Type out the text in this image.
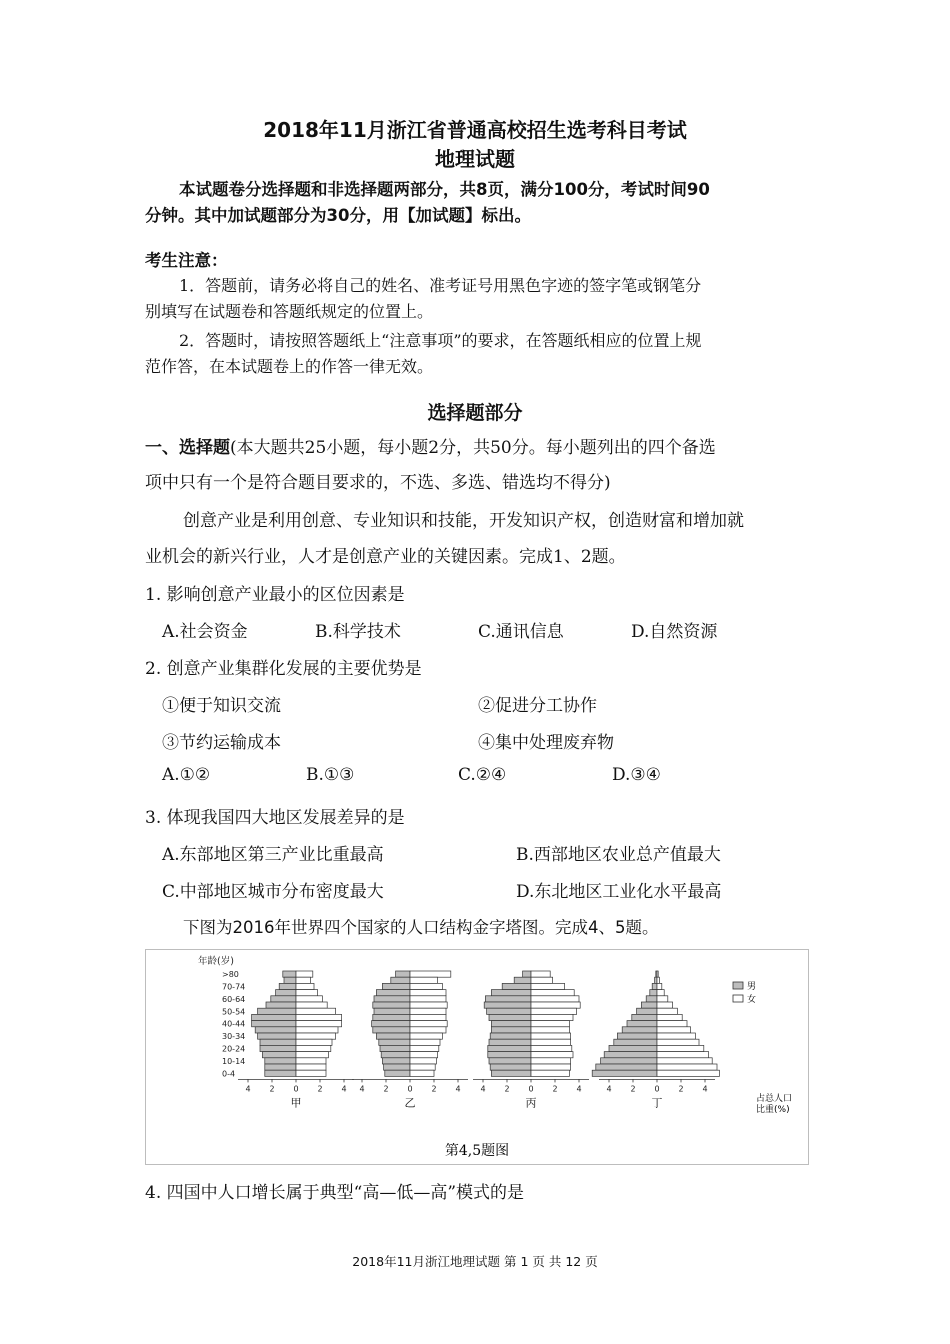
2018年11月浙江省普通高校招生选考科目考试
地理试题
本试题卷分选择题和非选择题两部分，共8页，满分100分，考试时间90
分钟。其中加试题部分为30分，用【加试题】标出。
考生注意：
1．答题前，请务必将自己的姓名、准考证号用黑色字迹的签字笔或钢笔分
别填写在试题卷和答题纸规定的位置上。
2．答题时，请按照答题纸上“注意事项”的要求，在答题纸相应的位置上规
范作答，在本试题卷上的作答一律无效。
选择题部分
一、选择题(本大题共25小题，每小题2分，共50分。每小题列出的四个备选
项中只有一个是符合题目要求的，不选、多选、错选均不得分)
创意产业是利用创意、专业知识和技能，开发知识产权，创造财富和增加就
业机会的新兴行业，人才是创意产业的关键因素。完成1、2题。
1. 影响创意产业最小的区位因素是
A.社会资金	B.科学技术	C.通讯信息	D.自然资源
2. 创意产业集群化发展的主要优势是
①便于知识交流	②促进分工协作
③节约运输成本	④集中处理废弃物
A.①②	B.①③	C.②④	D.③④
3. 体现我国四大地区发展差异的是
A.东部地区第三产业比重最高	B.西部地区农业总产值最大
C.中部地区城市分布密度最大	D.东北地区工业化水平最高
下图为2016年世界四个国家的人口结构金字塔图。完成4、5题。
年龄(岁)
>80
70-74
60-64
50-54
40-44
30-34
20-24
10-14
0-4
4 2 0 2 4
甲
4 2 0 2 4
乙
4 2 0 2 4
丙
4 2 0 2 4
丁
男
女
占总人口
比重(%)
第4,5题图
4. 四国中人口增长属于典型“高—低—高”模式的是
2018年11月浙江地理试题 第 1 页 共 12 页
